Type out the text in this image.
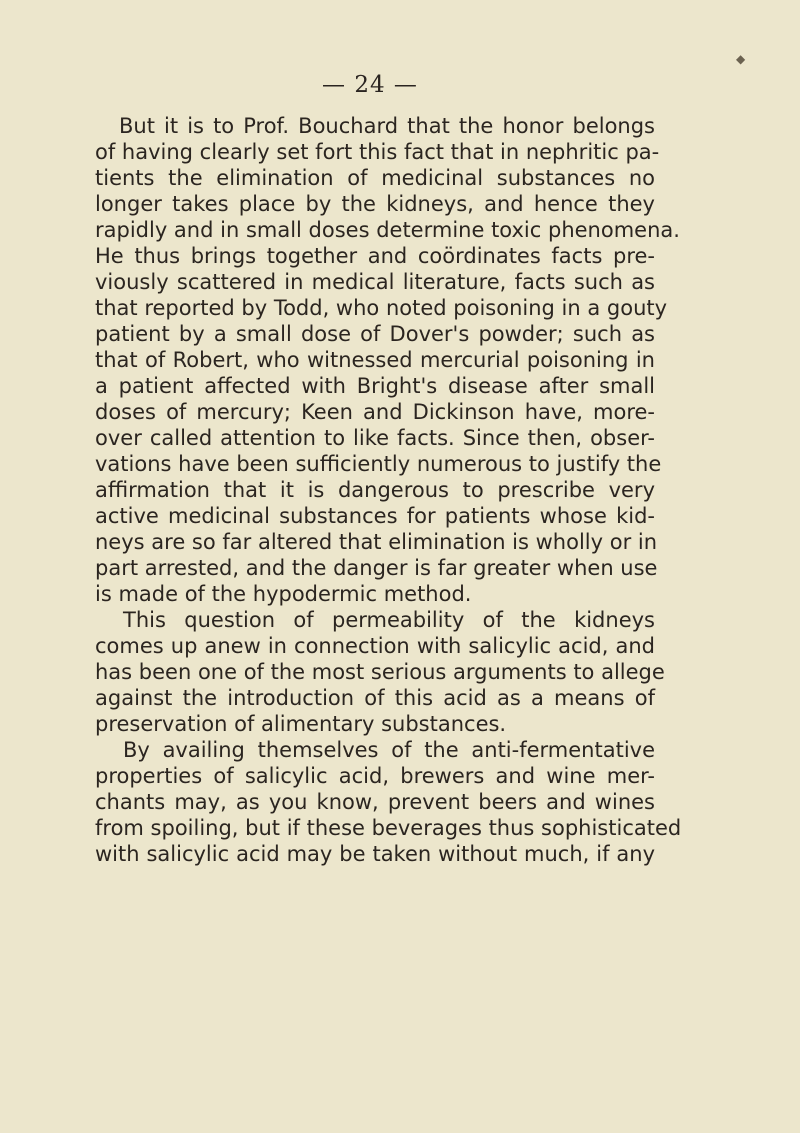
◆
— 24 —
But it is to Prof. Bouchard that the honor belongs
of having clearly set fort this fact that in nephritic pa-
tients the elimination of medicinal substances no
longer takes place by the kidneys, and hence they
rapidly and in small doses determine toxic phenomena.
He thus brings together and coördinates facts pre-
viously scattered in medical literature, facts such as
that reported by Todd, who noted poisoning in a gouty
patient by a small dose of Dover's powder; such as
that of Robert, who witnessed mercurial poisoning in
a patient affected with Bright's disease after small
doses of mercury; Keen and Dickinson have, more-
over called attention to like facts. Since then, obser-
vations have been sufficiently numerous to justify the
affirmation that it is dangerous to prescribe very
active medicinal substances for patients whose kid-
neys are so far altered that elimination is wholly or in
part arrested, and the danger is far greater when use
is made of the hypodermic method.
This question of permeability of the kidneys
comes up anew in connection with salicylic acid, and
has been one of the most serious arguments to allege
against the introduction of this acid as a means of
preservation of alimentary substances.
By availing themselves of the anti-fermentative
properties of salicylic acid, brewers and wine mer-
chants may, as you know, prevent beers and wines
from spoiling, but if these beverages thus sophisticated
with salicylic acid may be taken without much, if any
